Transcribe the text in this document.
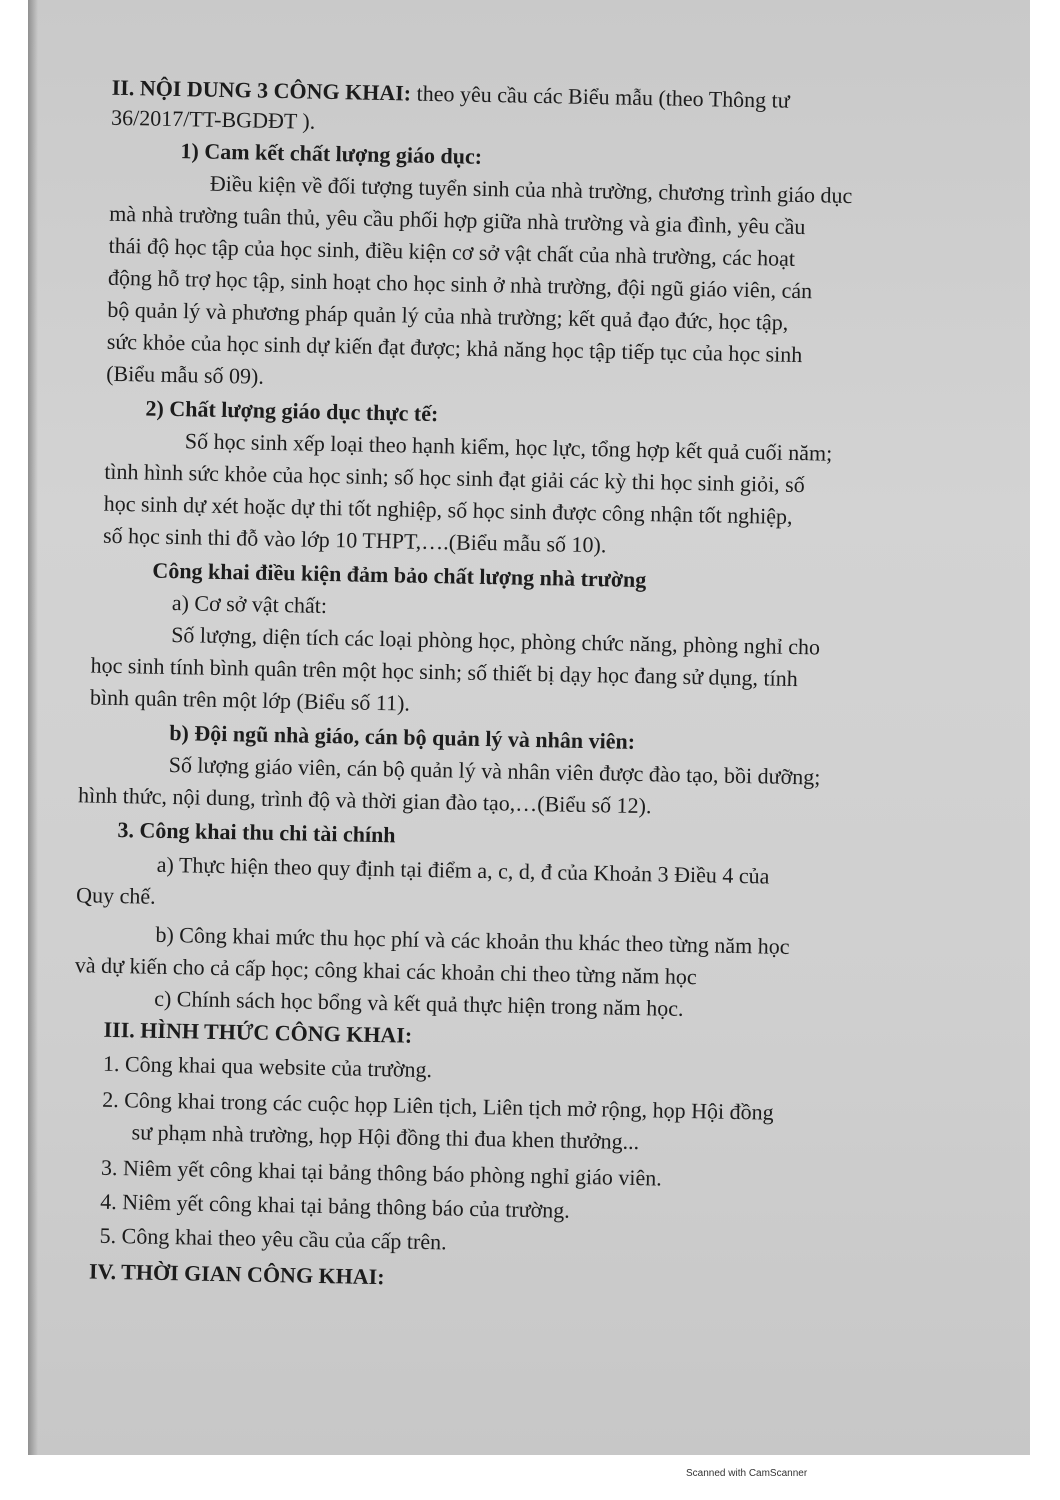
II. NỘI DUNG 3 CÔNG KHAI: theo yêu cầu các Biểu mẫu (theo Thông tư
36/2017/TT-BGDĐT ).
1) Cam kết chất lượng giáo dục:
Điều kiện về đối tượng tuyển sinh của nhà trường, chương trình giáo dục
mà nhà trường tuân thủ, yêu cầu phối hợp giữa nhà trường và gia đình, yêu cầu
thái độ học tập của học sinh, điều kiện cơ sở vật chất của nhà trường, các hoạt
động hỗ trợ học tập, sinh hoạt cho học sinh ở nhà trường, đội ngũ giáo viên, cán
bộ quản lý và phương pháp quản lý của nhà trường; kết quả đạo đức, học tập,
sức khỏe của học sinh dự kiến đạt được; khả năng học tập tiếp tục của học sinh
(Biểu mẫu số 09).
2) Chất lượng giáo dục thực tế:
Số học sinh xếp loại theo hạnh kiểm, học lực, tổng hợp kết quả cuối năm;
tình hình sức khỏe của học sinh; số học sinh đạt giải các kỳ thi học sinh giỏi, số
học sinh dự xét hoặc dự thi tốt nghiệp, số học sinh được công nhận tốt nghiệp,
số học sinh thi đỗ vào lớp 10 THPT,….(Biểu mẫu số 10).
Công khai điều kiện đảm bảo chất lượng nhà trường
a) Cơ sở vật chất:
Số lượng, diện tích các loại phòng học, phòng chức năng, phòng nghỉ cho
học sinh tính bình quân trên một học sinh; số thiết bị dạy học đang sử dụng, tính
bình quân trên một lớp (Biểu số 11).
b) Đội ngũ nhà giáo, cán bộ quản lý và nhân viên:
Số lượng giáo viên, cán bộ quản lý và nhân viên được đào tạo, bồi dưỡng;
hình thức, nội dung, trình độ và thời gian đào tạo,…(Biểu số 12).
3. Công khai thu chi tài chính
a) Thực hiện theo quy định tại điểm a, c, d, đ của Khoản 3 Điều 4 của
Quy chế.
b) Công khai mức thu học phí và các khoản thu khác theo từng năm học
và dự kiến cho cả cấp học; công khai các khoản chi theo từng năm học
c) Chính sách học bổng và kết quả thực hiện trong năm học.
III. HÌNH THỨC CÔNG KHAI:
1. Công khai qua website của trường.
2. Công khai trong các cuộc họp Liên tịch, Liên tịch mở rộng, họp Hội đồng
sư phạm nhà trường, họp Hội đồng thi đua khen thưởng...
3. Niêm yết công khai tại bảng thông báo phòng nghỉ giáo viên.
4. Niêm yết công khai tại bảng thông báo của trường.
5. Công khai theo yêu cầu của cấp trên.
IV. THỜI GIAN CÔNG KHAI:
Scanned with CamScanner
